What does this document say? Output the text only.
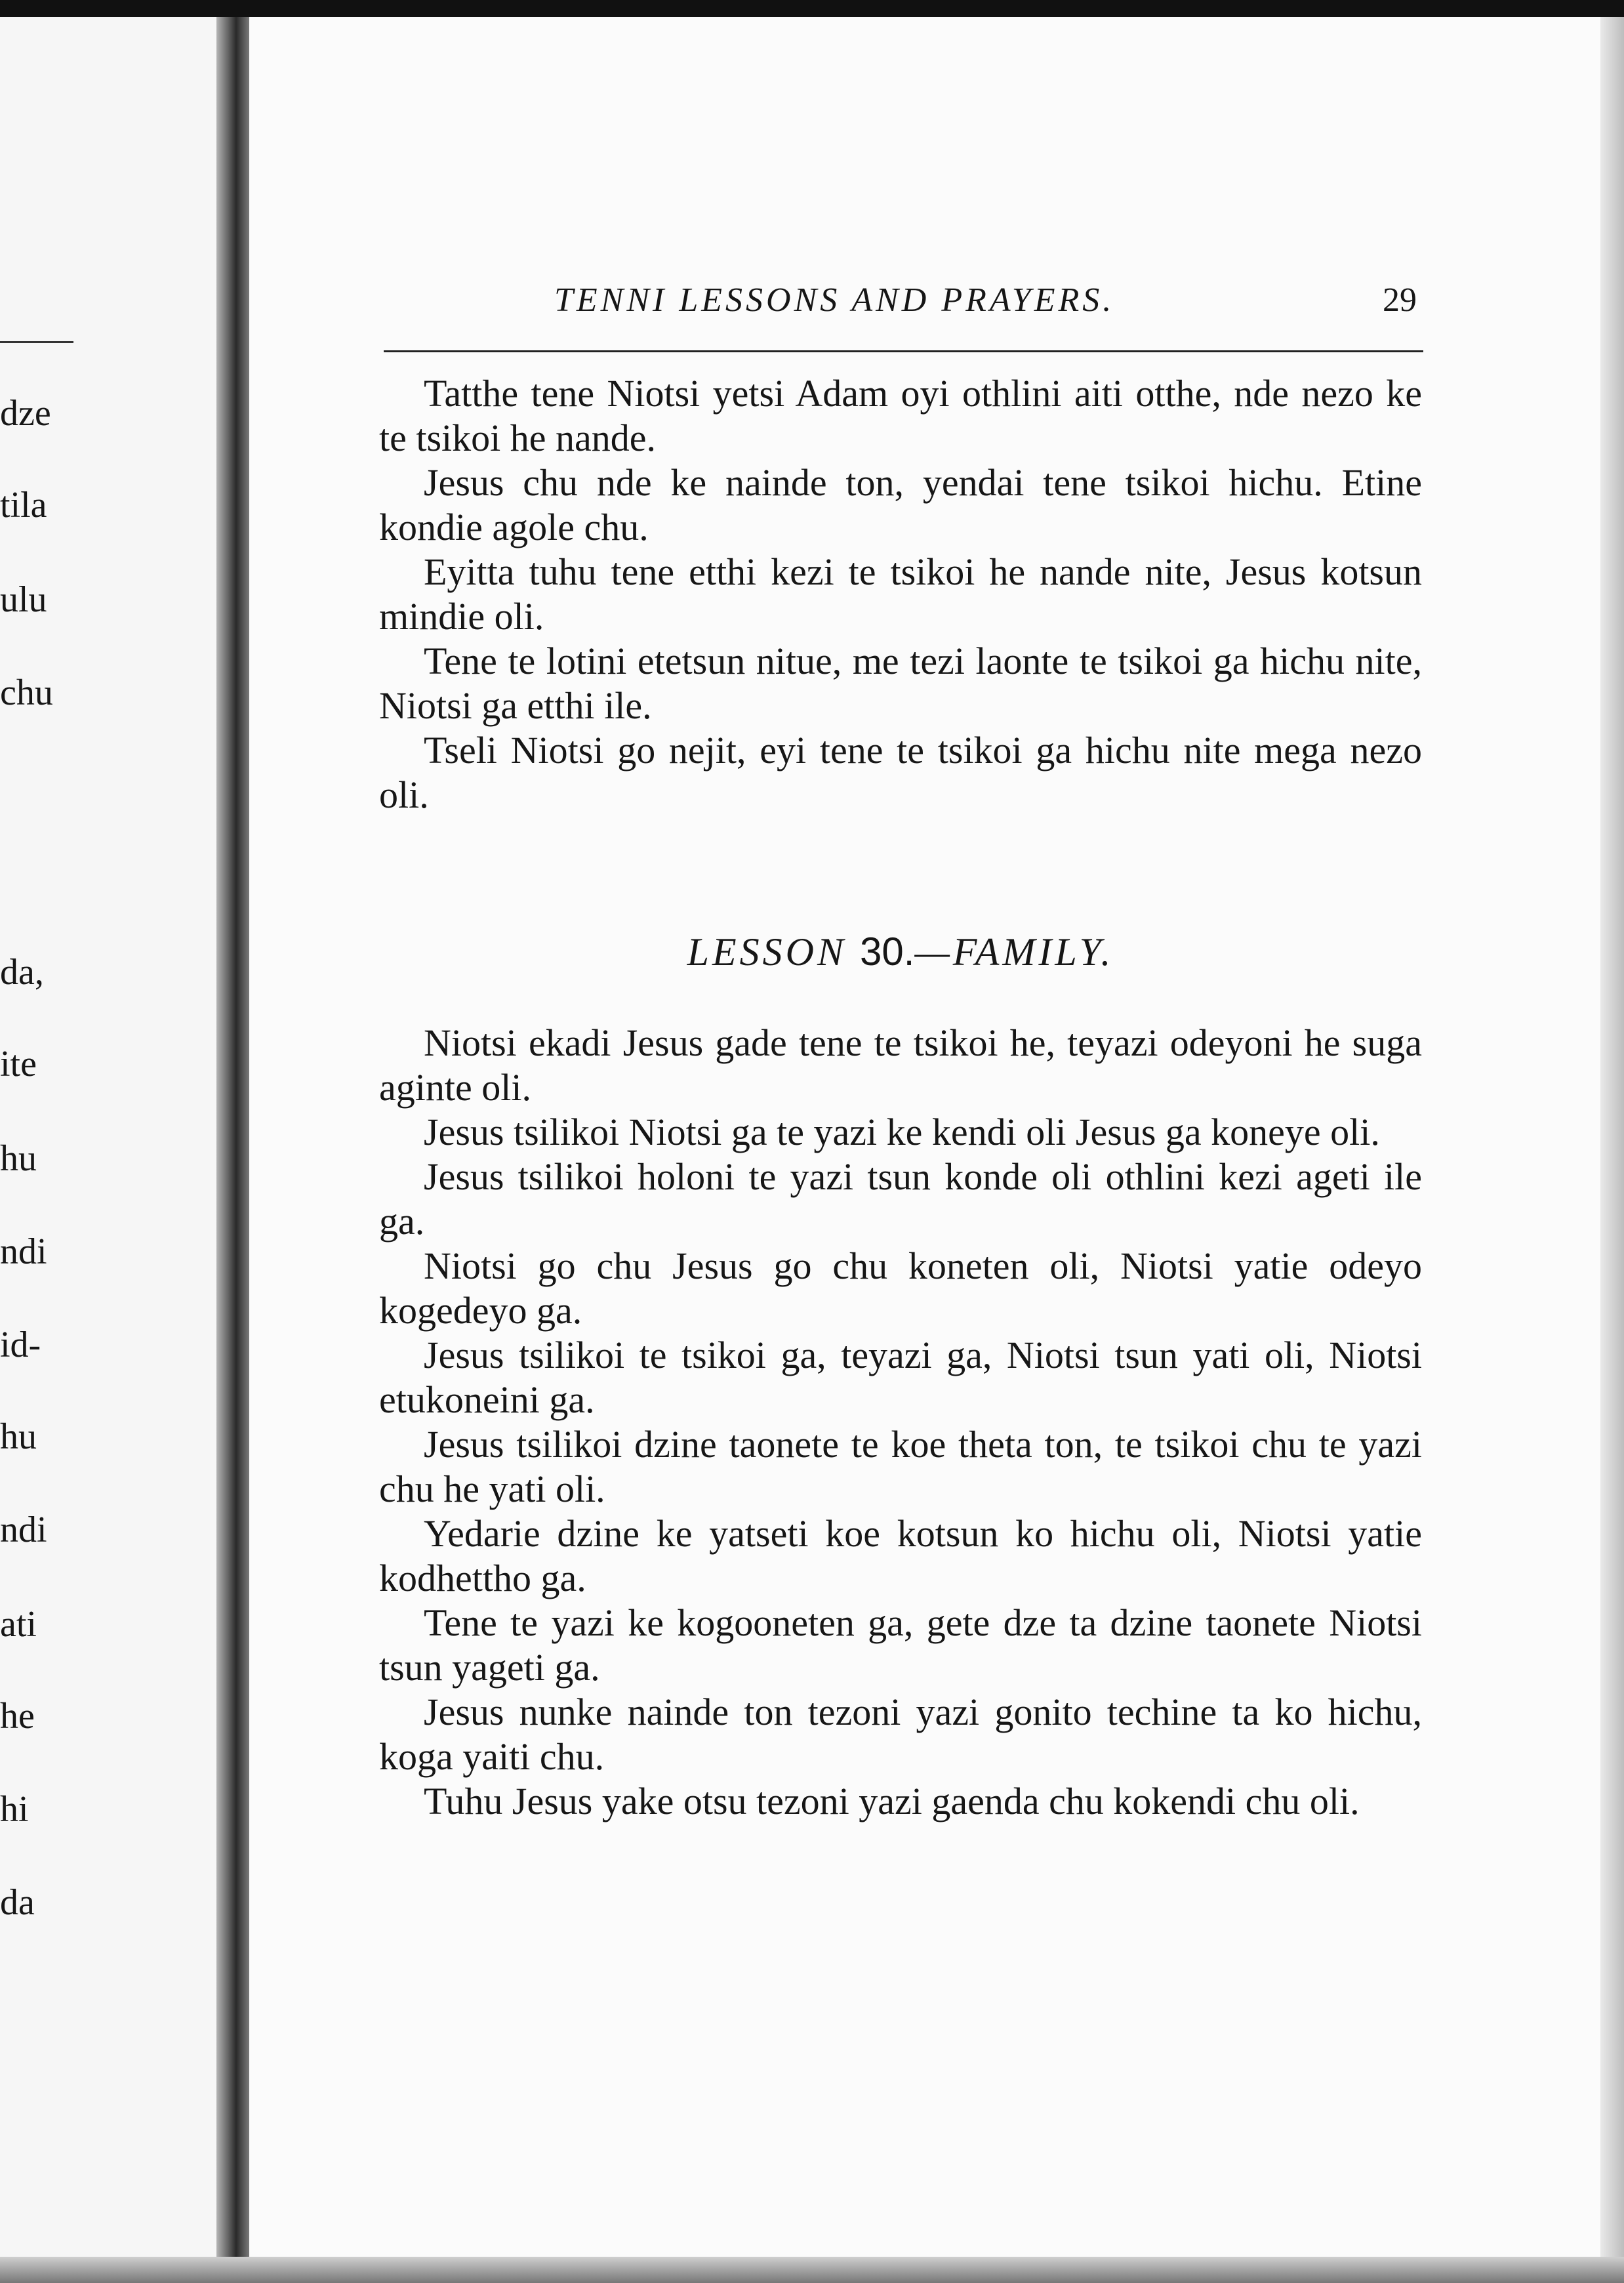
dze
tila
ulu
chu
da,
ite
hu
ndi
id-
hu
ndi
ati
he
hi
da
TENNI LESSONS AND PRAYERS.	29

Tatthe tene Niotsi yetsi Adam oyi othlini aiti otthe, nde nezo ke te tsikoi he nande.

Jesus chu nde ke nainde ton, yendai tene tsikoi hichu. Etine kondie agole chu.

Eyitta tuhu tene etthi kezi te tsikoi he nande nite, Jesus kotsun mindie oli.

Tene te lotini etetsun nitue, me tezi laonte te tsikoi ga hichu nite, Niotsi ga etthi ile.

Tseli Niotsi go nejit, eyi tene te tsikoi ga hichu nite mega nezo oli.

LESSON 30.—FAMILY.

Niotsi ekadi Jesus gade tene te tsikoi he, teyazi odeyoni he suga aginte oli.

Jesus tsilikoi Niotsi ga te yazi ke kendi oli Jesus ga koneye oli.

Jesus tsilikoi holoni te yazi tsun konde oli othlini kezi ageti ile ga.

Niotsi go chu Jesus go chu koneten oli, Niotsi yatie odeyo kogedeyo ga.

Jesus tsilikoi te tsikoi ga, teyazi ga, Niotsi tsun yati oli, Niotsi etukoneini ga.

Jesus tsilikoi dzine taonete te koe theta ton, te tsikoi chu te yazi chu he yati oli.

Yedarie dzine ke yatseti koe kotsun ko hichu oli, Niotsi yatie kodhettho ga.

Tene te yazi ke kogooneten ga, gete dze ta dzine taonete Niotsi tsun yageti ga.

Jesus nunke nainde ton tezoni yazi gonito techine ta ko hichu, koga yaiti chu.

Tuhu Jesus yake otsu tezoni yazi gaenda chu kokendi chu oli.
